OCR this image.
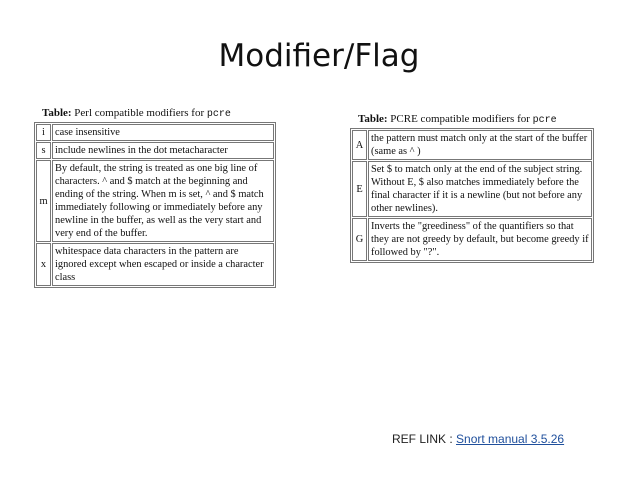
Modifier/Flag
Table: Perl compatible modifiers for pcre
i	case insensitive
s	include newlines in the dot metacharacter
m	By default, the string is treated as one big line of characters. ^ and $ match at the beginning and ending of the string. When m is set, ^ and $ match immediately following or immediately before any newline in the buffer, as well as the very start and very end of the buffer.
x	whitespace data characters in the pattern are ignored except when escaped or inside a character class
Table: PCRE compatible modifiers for pcre
A	the pattern must match only at the start of the buffer (same as ^ )
E	Set $ to match only at the end of the subject string. Without E, $ also matches immediately before the final character if it is a newline (but not before any other newlines).
G	Inverts the "greediness" of the quantifiers so that they are not greedy by default, but become greedy if followed by "?".
REF LINK : Snort manual 3.5.26
